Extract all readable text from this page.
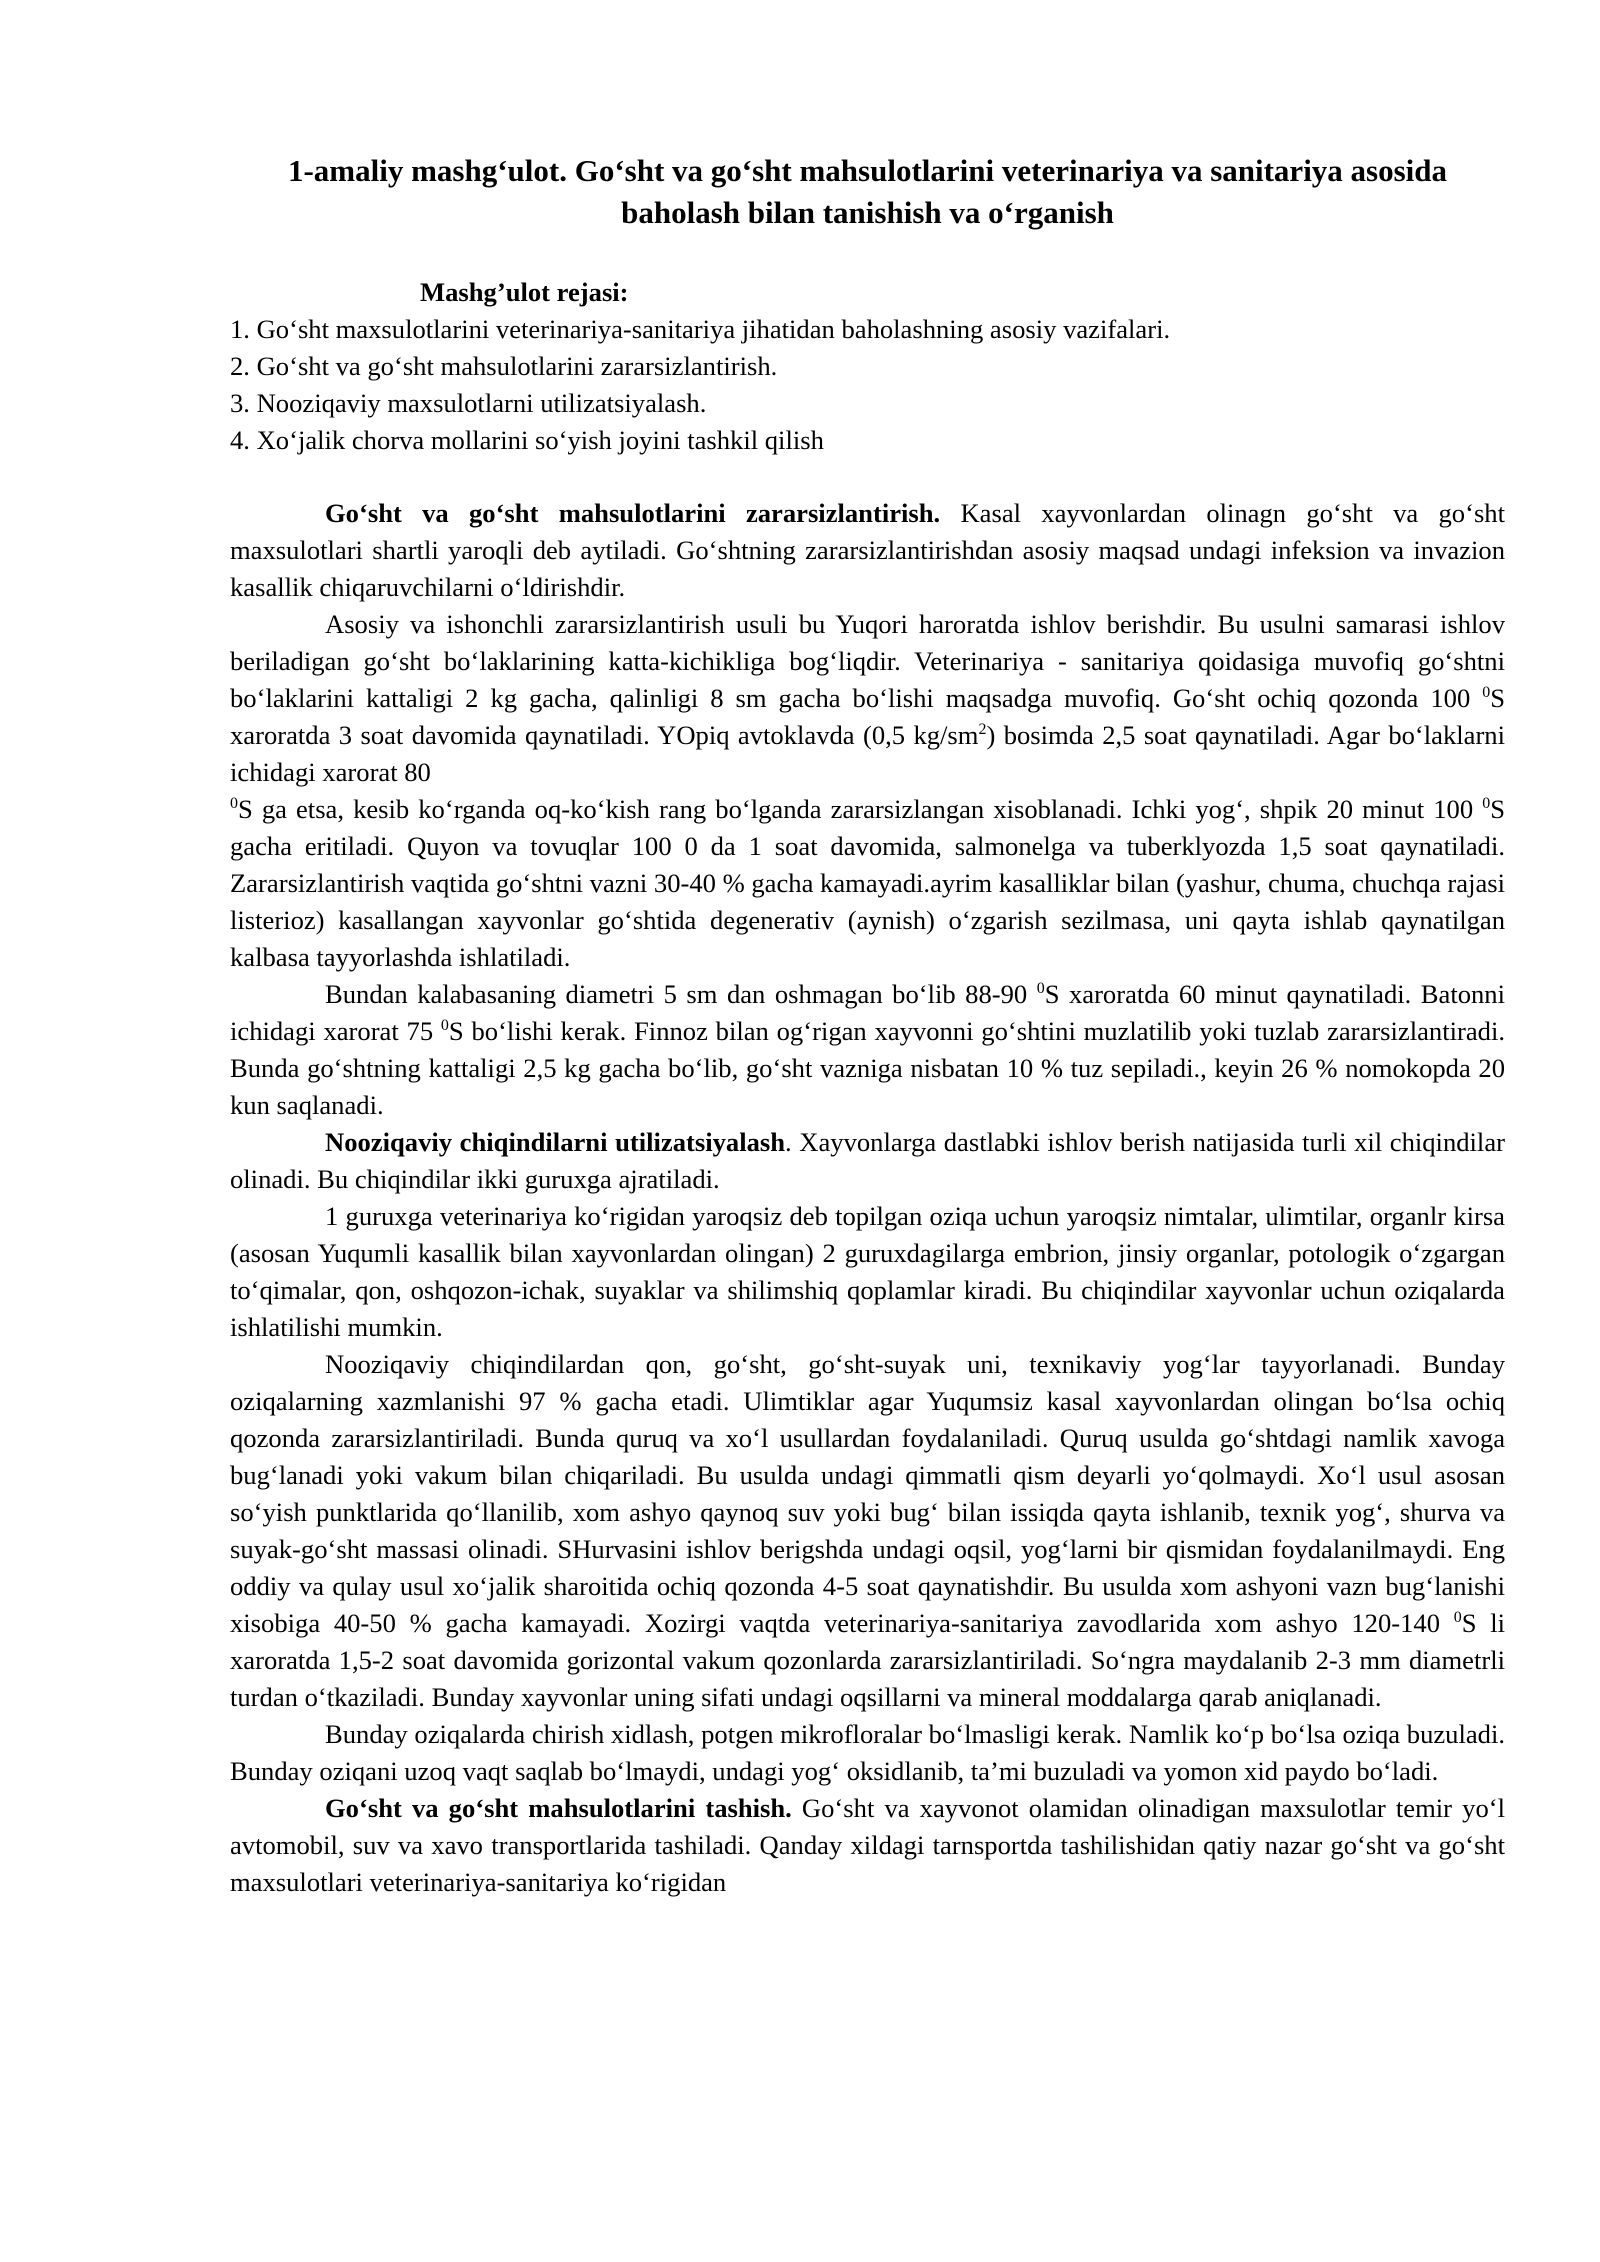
1-amaliy mashg‘ulot. Go‘sht va go‘sht mahsulotlarini veterinariya va sanitariya asosida baholash bilan tanishish va o‘rganish
Mashg’ulot rejasi:
1. Go‘sht maxsulotlarini veterinariya-sanitariya jihatidan baholashning asosiy vazifalari.
2. Go‘sht va go‘sht mahsulotlarini zararsizlantirish.
3. Nooziqaviy maxsulotlarni utilizatsiyalash.
4. Xo‘jalik chorva mollarini so‘yish joyini tashkil qilish

Go‘sht va go‘sht mahsulotlarini zararsizlantirish. Kasal xayvonlardan olinagn go‘sht va go‘sht maxsulotlari shartli yaroqli deb aytiladi. Go‘shtning zararsizlantirishdan asosiy maqsad undagi infeksion va invazion kasallik chiqaruvchilarni o‘ldirishdir.

Asosiy va ishonchli zararsizlantirish usuli bu Yuqori haroratda ishlov berishdir. Bu usulni samarasi ishlov beriladigan go‘sht bo‘laklarining katta-kichikliga bog‘liqdir. Veterinariya - sanitariya qoidasiga muvofiq go‘shtni bo‘laklarini kattaligi 2 kg gacha, qalinligi 8 sm gacha bo‘lishi maqsadga muvofiq. Go‘sht ochiq qozonda 100 $^0$S xaroratda 3 soat davomida qaynatiladi. YOpiq avtoklavda (0,5 $kg/sm^2$) bosimda 2,5 soat qaynatiladi. Agar bo‘laklarni ichidagi xarorat 80
$^0$S ga etsa, kesib ko‘rganda oq-ko‘kish rang bo‘lganda zararsizlangan xisoblanadi. Ichki yog‘, shpik 20 minut 100 $^0$S gacha eritiladi. Quyon va tovuqlar 100 0 da 1 soat davomida, salmonelga va tuberklyozda 1,5 soat qaynatiladi. Zararsizlantirish vaqtida go‘shtni vazni 30-40 % gacha kamayadi.ayrim kasalliklar bilan (yashur, chuma, chuchqa rajasi listerioz) kasallangan xayvonlar go‘shtida degenerativ (aynish) o‘zgarish sezilmasa, uni qayta ishlab qaynatilgan kalbasa tayyorlashda ishlatiladi.

Bundan kalabasaning diametri 5 sm dan oshmagan bo‘lib 88-90 $^0$S xaroratda 60 minut qaynatiladi. Batonni ichidagi xarorat 75 $^0$S bo‘lishi kerak. Finnoz bilan og‘rigan xayvonni go‘shtini muzlatilib yoki tuzlab zararsizlantiradi. Bunda go‘shtning kattaligi 2,5 kg gacha bo‘lib, go‘sht vazniga nisbatan 10 % tuz sepiladi., keyin 26 % nomokopda 20 kun saqlanadi.

Nooziqaviy chiqindilarni utilizatsiyalash. Xayvonlarga dastlabki ishlov berish natijasida turli xil chiqindilar olinadi. Bu chiqindilar ikki guruxga ajratiladi.

1 guruxga veterinariya ko‘rigidan yaroqsiz deb topilgan oziqa uchun yaroqsiz nimtalar, ulimtilar, organlr kirsa (asosan Yuqumli kasallik bilan xayvonlardan olingan) 2 guruxdagilarga embrion, jinsiy organlar, potologik o‘zgargan to‘qimalar, qon, oshqozon-ichak, suyaklar va shilimshiq qoplamlar kiradi. Bu chiqindilar xayvonlar uchun oziqalarda ishlatilishi mumkin.

Nooziqaviy chiqindilardan qon, go‘sht, go‘sht-suyak uni, texnikaviy yog‘lar tayyorlanadi. Bunday oziqalarning xazmlanishi 97 % gacha etadi. Ulimtiklar agar Yuqumsiz kasal xayvonlardan olingan bo‘lsa ochiq qozonda zararsizlantiriladi. Bunda quruq va xo‘l usullardan foydalaniladi. Quruq usulda go‘shtdagi namlik xavoga bug‘lanadi yoki vakum bilan chiqariladi. Bu usulda undagi qimmatli qism deyarli yo‘qolmaydi. Xo‘l usul asosan so‘yish punktlarida qo‘llanilib, xom ashyo qaynoq suv yoki bug‘ bilan issiqda qayta ishlanib, texnik yog‘, shurva va suyak-go‘sht massasi olinadi. SHurvasini ishlov berigshda undagi oqsil, yog‘larni bir qismidan foydalanilmaydi. Eng oddiy va qulay usul xo‘jalik sharoitida ochiq qozonda 4-5 soat qaynatishdir. Bu usulda xom ashyoni vazn bug‘lanishi xisobiga 40-50 % gacha kamayadi. Xozirgi vaqtda veterinariya-sanitariya zavodlarida xom ashyo 120-140 $^0$S li xaroratda 1,5-2 soat davomida gorizontal vakum qozonlarda zararsizlantiriladi. So‘ngra maydalanib 2-3 mm diametrli turdan o‘tkaziladi. Bunday xayvonlar uning sifati undagi oqsillarni va mineral moddalarga qarab aniqlanadi.

Bunday oziqalarda chirish xidlash, potgen mikrofloralar bo‘lmasligi kerak. Namlik ko‘p bo‘lsa oziqa buzuladi. Bunday oziqani uzoq vaqt saqlab bo‘lmaydi, undagi yog‘ oksidlanib, ta’mi buzuladi va yomon xid paydo bo‘ladi.

Go‘sht va go‘sht mahsulotlarini tashish. Go‘sht va xayvonot olamidan olinadigan maxsulotlar temir yo‘l avtomobil, suv va xavo transportlarida tashiladi. Qanday xildagi tarnsportda tashilishidan qatiy nazar go‘sht va go‘sht maxsulotlari veterinariya-sanitariya ko‘rigidan
